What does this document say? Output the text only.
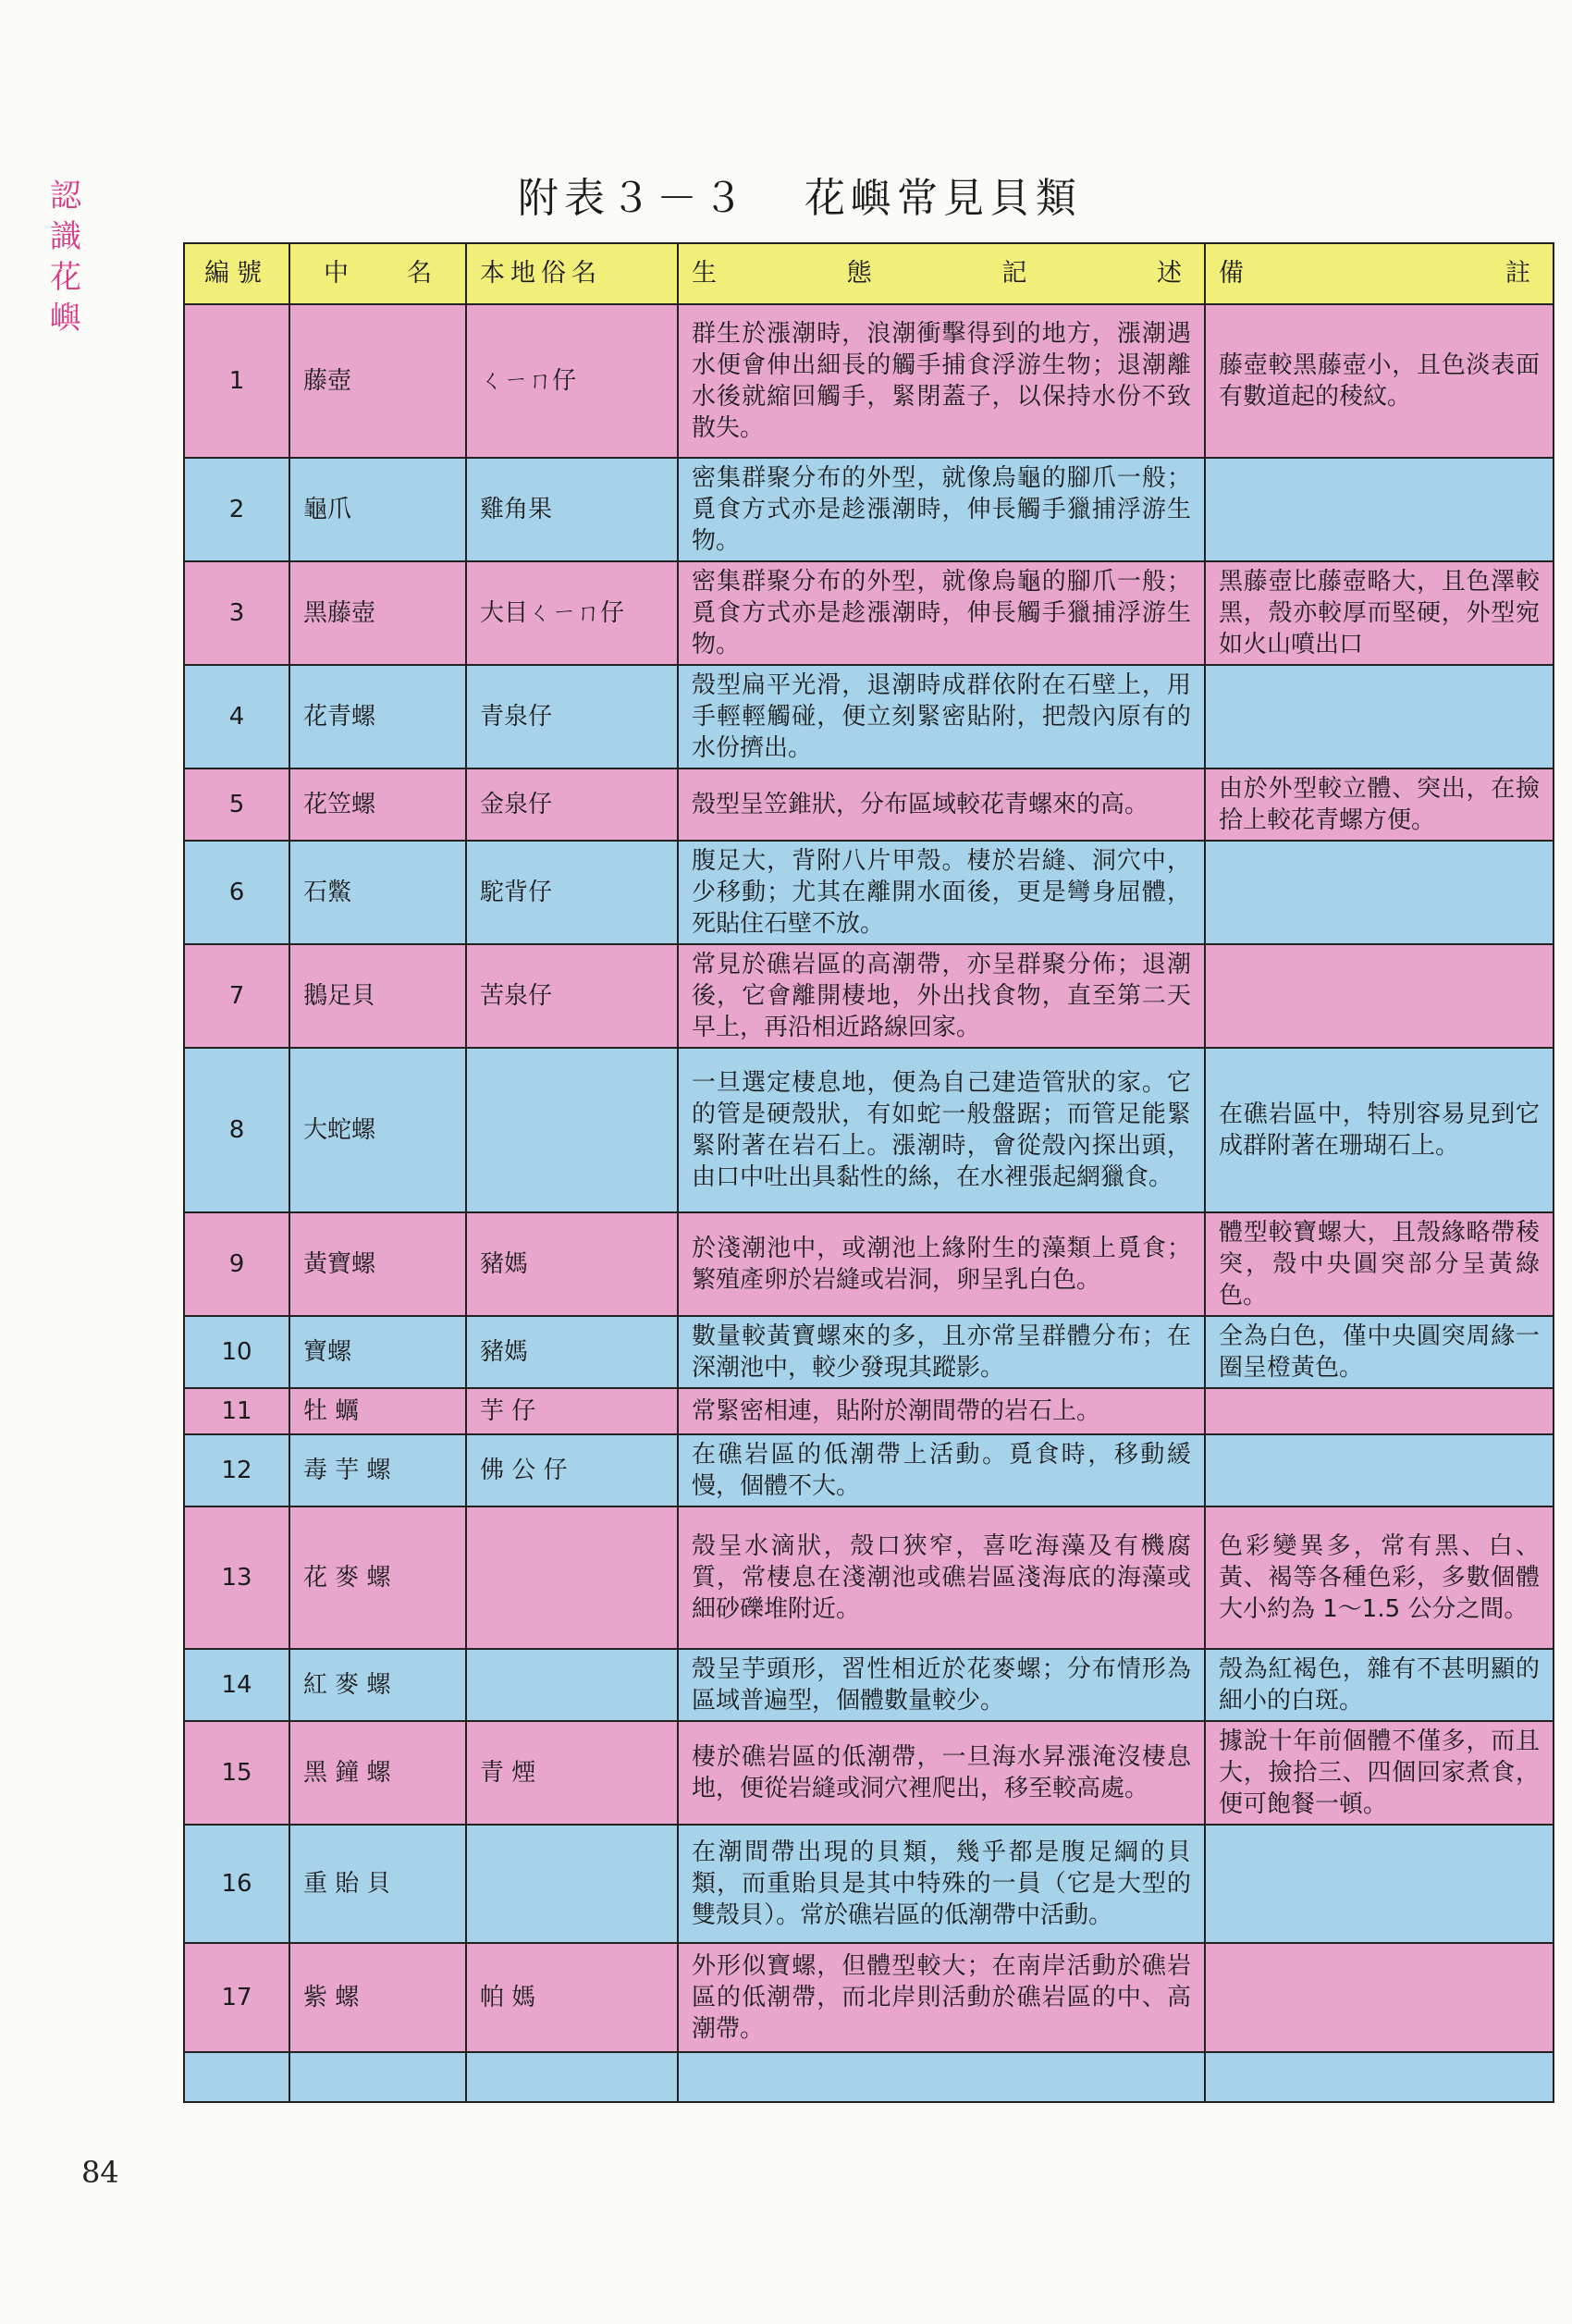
認
識
花
嶼
附表３－３ 花嶼常見貝類
編號	中名	本地俗名	生態記述	備註
1	藤壺	ㄑㄧㄇ仔	群生於漲潮時，浪潮衝擊得到的地方，漲潮遇水便會伸出細長的觸手捕食浮游生物；退潮離水後就縮回觸手，緊閉蓋子，以保持水份不致散失。	藤壺較黑藤壺小，且色淡表面有數道起的稜紋。
2	龜爪	雞角果	密集群聚分布的外型，就像烏龜的腳爪一般；覓食方式亦是趁漲潮時，伸長觸手獵捕浮游生物。	
3	黑藤壺	大目ㄑㄧㄇ仔	密集群聚分布的外型，就像烏龜的腳爪一般；覓食方式亦是趁漲潮時，伸長觸手獵捕浮游生物。	黑藤壺比藤壺略大，且色澤較黑，殼亦較厚而堅硬，外型宛如火山噴出口
4	花青螺	青泉仔	殼型扁平光滑，退潮時成群依附在石壁上，用手輕輕觸碰，便立刻緊密貼附，把殼內原有的水份擠出。	
5	花笠螺	金泉仔	殼型呈笠錐狀，分布區域較花青螺來的高。	由於外型較立體、突出，在撿拾上較花青螺方便。
6	石鱉	駝背仔	腹足大，背附八片甲殼。棲於岩縫、洞穴中，少移動；尤其在離開水面後，更是彎身屈體，死貼住石壁不放。	
7	鵝足貝	苦泉仔	常見於礁岩區的高潮帶，亦呈群聚分佈；退潮後，它會離開棲地，外出找食物，直至第二天早上，再沿相近路線回家。	
8	大蛇螺		一旦選定棲息地，便為自己建造管狀的家。它的管是硬殼狀，有如蛇一般盤踞；而管足能緊緊附著在岩石上。漲潮時，會從殼內探出頭，由口中吐出具黏性的絲，在水裡張起網獵食。	在礁岩區中，特別容易見到它成群附著在珊瑚石上。
9	黃寶螺	豬媽	於淺潮池中，或潮池上緣附生的藻類上覓食；繁殖產卵於岩縫或岩洞，卵呈乳白色。	體型較寶螺大，且殼緣略帶稜突，殼中央圓突部分呈黃綠色。
10	寶螺	豬媽	數量較黃寶螺來的多，且亦常呈群體分布；在深潮池中，較少發現其蹤影。	全為白色，僅中央圓突周緣一圈呈橙黃色。
11	牡 蠣	芋 仔	常緊密相連，貼附於潮間帶的岩石上。	
12	毒 芋 螺	佛 公 仔	在礁岩區的低潮帶上活動。覓食時，移動緩慢，個體不大。	
13	花 麥 螺		殼呈水滴狀，殼口狹窄，喜吃海藻及有機腐質，常棲息在淺潮池或礁岩區淺海底的海藻或細砂礫堆附近。	色彩變異多，常有黑、白、黃、褐等各種色彩，多數個體大小約為 1～1.5 公分之間。
14	紅 麥 螺		殼呈芋頭形，習性相近於花麥螺；分布情形為區域普遍型，個體數量較少。	殼為紅褐色，雜有不甚明顯的細小的白斑。
15	黑 鐘 螺	青 煙	棲於礁岩區的低潮帶，一旦海水昇漲淹沒棲息地，便從岩縫或洞穴裡爬出，移至較高處。	據說十年前個體不僅多，而且大，撿拾三、四個回家煮食，便可飽餐一頓。
16	重 貽 貝		在潮間帶出現的貝類，幾乎都是腹足綱的貝類，而重貽貝是其中特殊的一員（它是大型的雙殼貝）。常於礁岩區的低潮帶中活動。	
17	紫 螺	帕 媽	外形似寶螺，但體型較大；在南岸活動於礁岩區的低潮帶，而北岸則活動於礁岩區的中、高潮帶。	

84
